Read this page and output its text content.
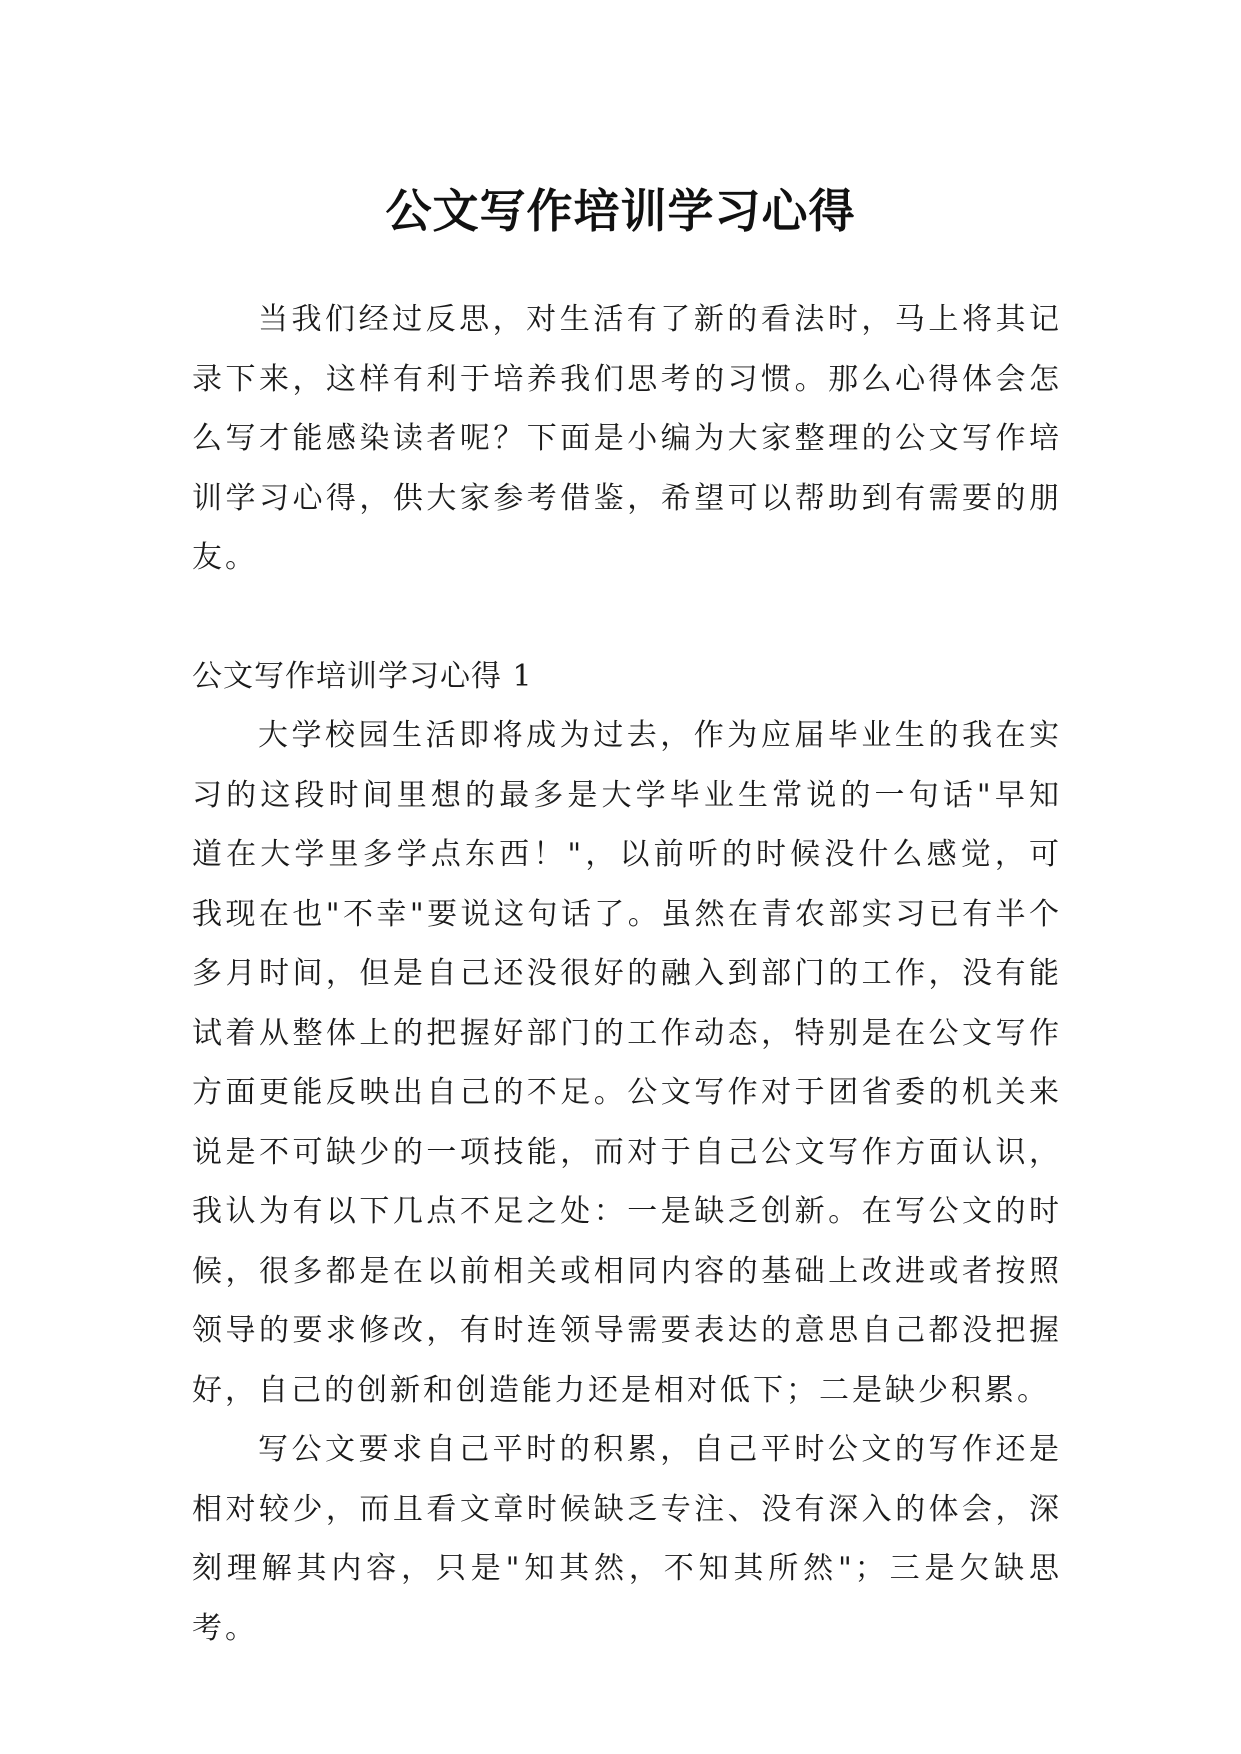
公文写作培训学习心得

当我们经过反思，对生活有了新的看法时，马上将其记录下来，这样有利于培养我们思考的习惯。那么心得体会怎么写才能感染读者呢？下面是小编为大家整理的公文写作培训学习心得，供大家参考借鉴，希望可以帮助到有需要的朋友。

公文写作培训学习心得 1

大学校园生活即将成为过去，作为应届毕业生的我在实习的这段时间里想的最多是大学毕业生常说的一句话"早知道在大学里多学点东西！"，以前听的时候没什么感觉，可我现在也"不幸"要说这句话了。虽然在青农部实习已有半个多月时间，但是自己还没很好的融入到部门的工作，没有能试着从整体上的把握好部门的工作动态，特别是在公文写作方面更能反映出自己的不足。公文写作对于团省委的机关来说是不可缺少的一项技能，而对于自己公文写作方面认识，我认为有以下几点不足之处：一是缺乏创新。在写公文的时候，很多都是在以前相关或相同内容的基础上改进或者按照领导的要求修改，有时连领导需要表达的意思自己都没把握好，自己的创新和创造能力还是相对低下；二是缺少积累。

写公文要求自己平时的积累，自己平时公文的写作还是相对较少，而且看文章时候缺乏专注、没有深入的体会，深刻理解其内容，只是"知其然，不知其所然"；三是欠缺思考。
